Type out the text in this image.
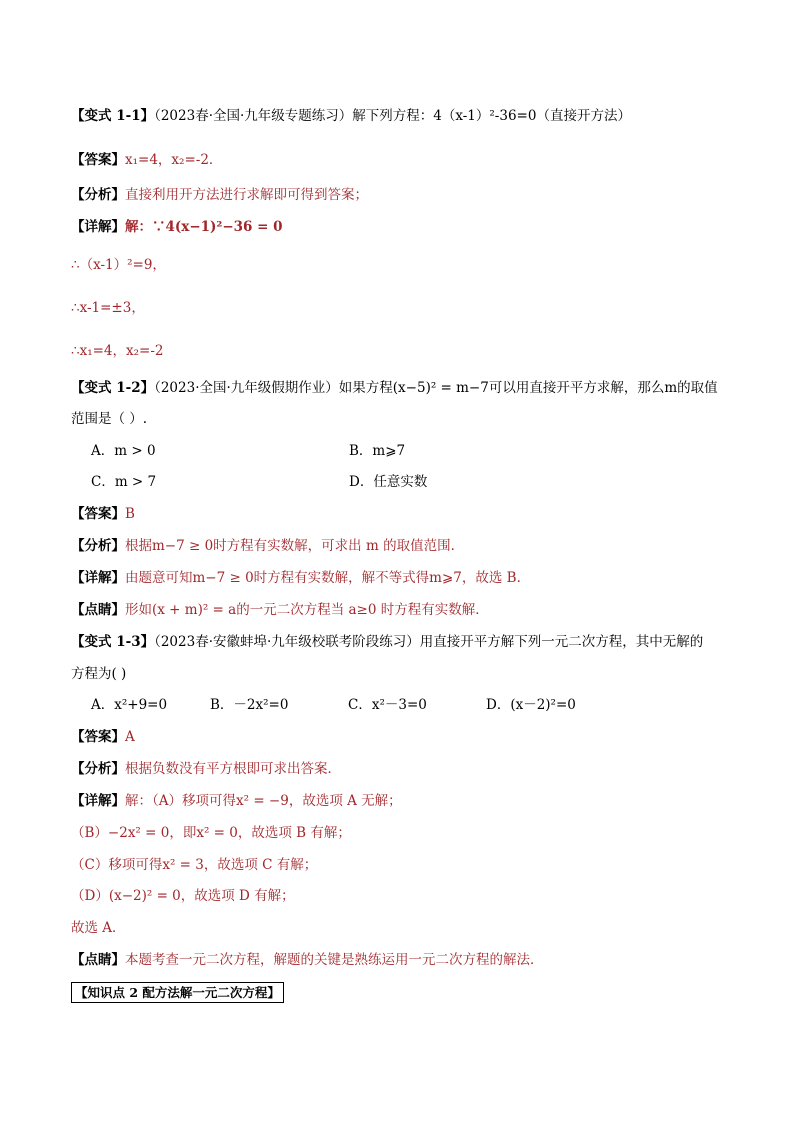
【变式 1-1】（2023春·全国·九年级专题练习）解下列方程：4（x-1）²-36=0（直接开方法）
【答案】x₁=4，x₂=-2．
【分析】直接利用开方法进行求解即可得到答案；
【详解】解：∵4(x−1)²−36 = 0
∴（x-1）²=9，
∴x-1=±3，
∴x₁=4，x₂=-2
【变式 1-2】（2023·全国·九年级假期作业）如果方程(x−5)² = m−7可以用直接开平方求解，那么m的取值
范围是（ ）.
A．m > 0	B．m⩾7
C．m > 7	D．任意实数
【答案】B
【分析】根据m−7 ≥ 0时方程有实数解，可求出 m 的取值范围．
【详解】由题意可知m−7 ≥ 0时方程有实数解，解不等式得m⩾7，故选 B．
【点睛】形如(x + m)² = a的一元二次方程当 a≥0 时方程有实数解．
【变式 1-3】（2023春·安徽蚌埠·九年级校联考阶段练习）用直接开平方解下列一元二次方程，其中无解的
方程为( )
A．x²+9=0	B．－2x²=0	C．x²－3=0	D．(x－2)²=0
【答案】A
【分析】根据负数没有平方根即可求出答案．
【详解】解：（A）移项可得x² = −9，故选项 A 无解；
（B）−2x² = 0，即x² = 0，故选项 B 有解；
（C）移项可得x² = 3，故选项 C 有解；
（D）(x−2)² = 0，故选项 D 有解；
故选 A．
【点睛】本题考查一元二次方程，解题的关键是熟练运用一元二次方程的解法．
【知识点 2 配方法解一元二次方程】
